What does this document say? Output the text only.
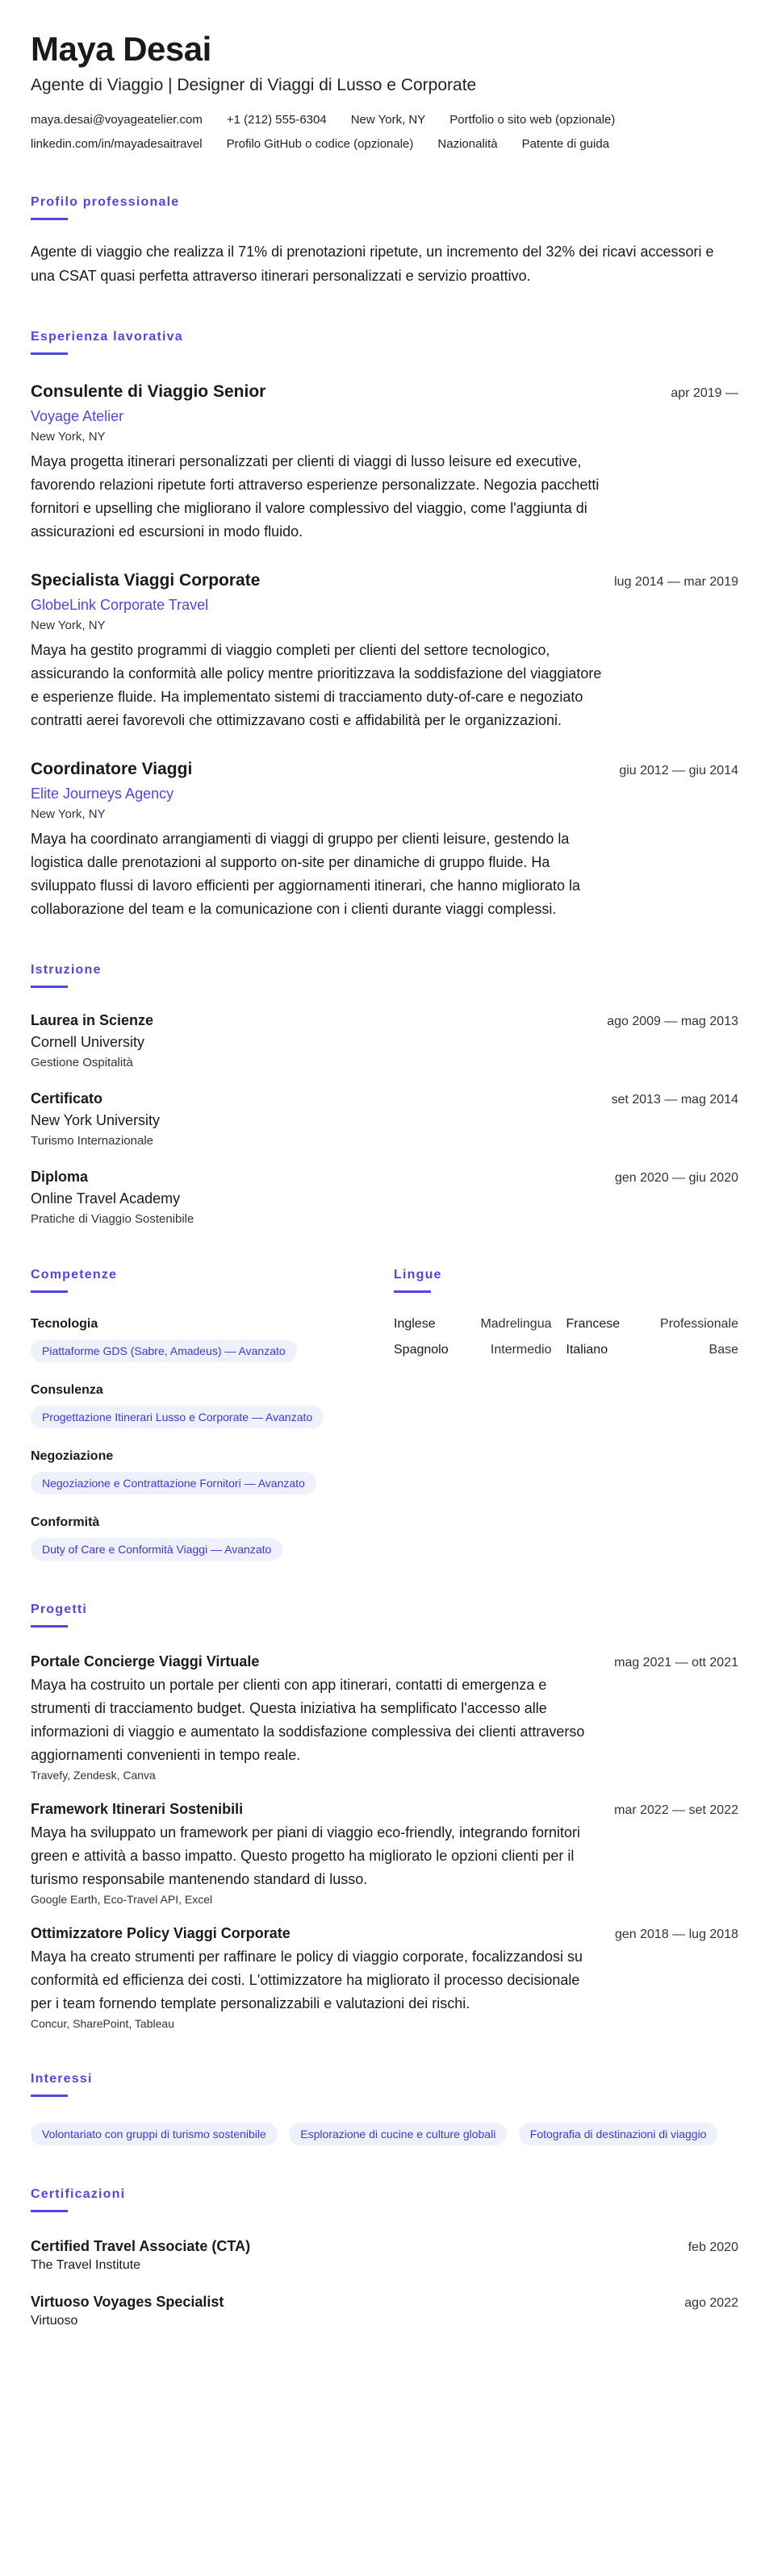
Maya Desai
Agente di Viaggio | Designer di Viaggi di Lusso e Corporate
maya.desai@voyageatelier.com +1 (212) 555-6304 New York, NY Portfolio o sito web (opzionale)
linkedin.com/in/mayadesaitravel Profilo GitHub o codice (opzionale) Nazionalità Patente di guida
Profilo professionale

Agente di viaggio che realizza il 71% di prenotazioni ripetute, un incremento del 32% dei ricavi accessori e una CSAT quasi perfetta attraverso itinerari personalizzati e servizio proattivo.

Esperienza lavorativa
Consulente di Viaggio Senior	apr 2019 —
Voyage Atelier
New York, NY

Maya progetta itinerari personalizzati per clienti di viaggi di lusso leisure ed executive, favorendo relazioni ripetute forti attraverso esperienze personalizzate. Negozia pacchetti fornitori e upselling che migliorano il valore complessivo del viaggio, come l'aggiunta di assicurazioni ed escursioni in modo fluido.

Specialista Viaggi Corporate	lug 2014 — mar 2019
GlobeLink Corporate Travel
New York, NY

Maya ha gestito programmi di viaggio completi per clienti del settore tecnologico, assicurando la conformità alle policy mentre prioritizzava la soddisfazione del viaggiatore e esperienze fluide. Ha implementato sistemi di tracciamento duty-of-care e negoziato contratti aerei favorevoli che ottimizzavano costi e affidabilità per le organizzazioni.

Coordinatore Viaggi	giu 2012 — giu 2014
Elite Journeys Agency
New York, NY

Maya ha coordinato arrangiamenti di viaggi di gruppo per clienti leisure, gestendo la logistica dalle prenotazioni al supporto on-site per dinamiche di gruppo fluide. Ha sviluppato flussi di lavoro efficienti per aggiornamenti itinerari, che hanno migliorato la collaborazione del team e la comunicazione con i clienti durante viaggi complessi.

Istruzione
Laurea in Scienze	ago 2009 — mag 2013
Cornell University
Gestione Ospitalità
Certificato	set 2013 — mag 2014
New York University
Turismo Internazionale
Diploma	gen 2020 — giu 2020
Online Travel Academy
Pratiche di Viaggio Sostenibile
Competenze
Tecnologia
Piattaforme GDS (Sabre, Amadeus) — Avanzato
Consulenza
Progettazione Itinerari Lusso e Corporate — Avanzato
Negoziazione
Negoziazione e Contrattazione Fornitori — Avanzato
Conformità
Duty of Care e Conformità Viaggi — Avanzato
Lingue
Inglese	Madrelingua	Francese	Professionale
Spagnolo	Intermedio	Italiano	Base
Progetti
Portale Concierge Viaggi Virtuale	mag 2021 — ott 2021

Maya ha costruito un portale per clienti con app itinerari, contatti di emergenza e strumenti di tracciamento budget. Questa iniziativa ha semplificato l'accesso alle informazioni di viaggio e aumentato la soddisfazione complessiva dei clienti attraverso aggiornamenti convenienti in tempo reale.

Travefy, Zendesk, Canva
Framework Itinerari Sostenibili	mar 2022 — set 2022

Maya ha sviluppato un framework per piani di viaggio eco-friendly, integrando fornitori green e attività a basso impatto. Questo progetto ha migliorato le opzioni clienti per il turismo responsabile mantenendo standard di lusso.

Google Earth, Eco-Travel API, Excel
Ottimizzatore Policy Viaggi Corporate	gen 2018 — lug 2018

Maya ha creato strumenti per raffinare le policy di viaggio corporate, focalizzandosi su conformità ed efficienza dei costi. L'ottimizzatore ha migliorato il processo decisionale per i team fornendo template personalizzabili e valutazioni dei rischi.

Concur, SharePoint, Tableau
Interessi
Volontariato con gruppi di turismo sostenibile	Esplorazione di cucine e culture globali	Fotografia di destinazioni di viaggio
Certificazioni
Certified Travel Associate (CTA)	feb 2020
The Travel Institute
Virtuoso Voyages Specialist	ago 2022
Virtuoso
